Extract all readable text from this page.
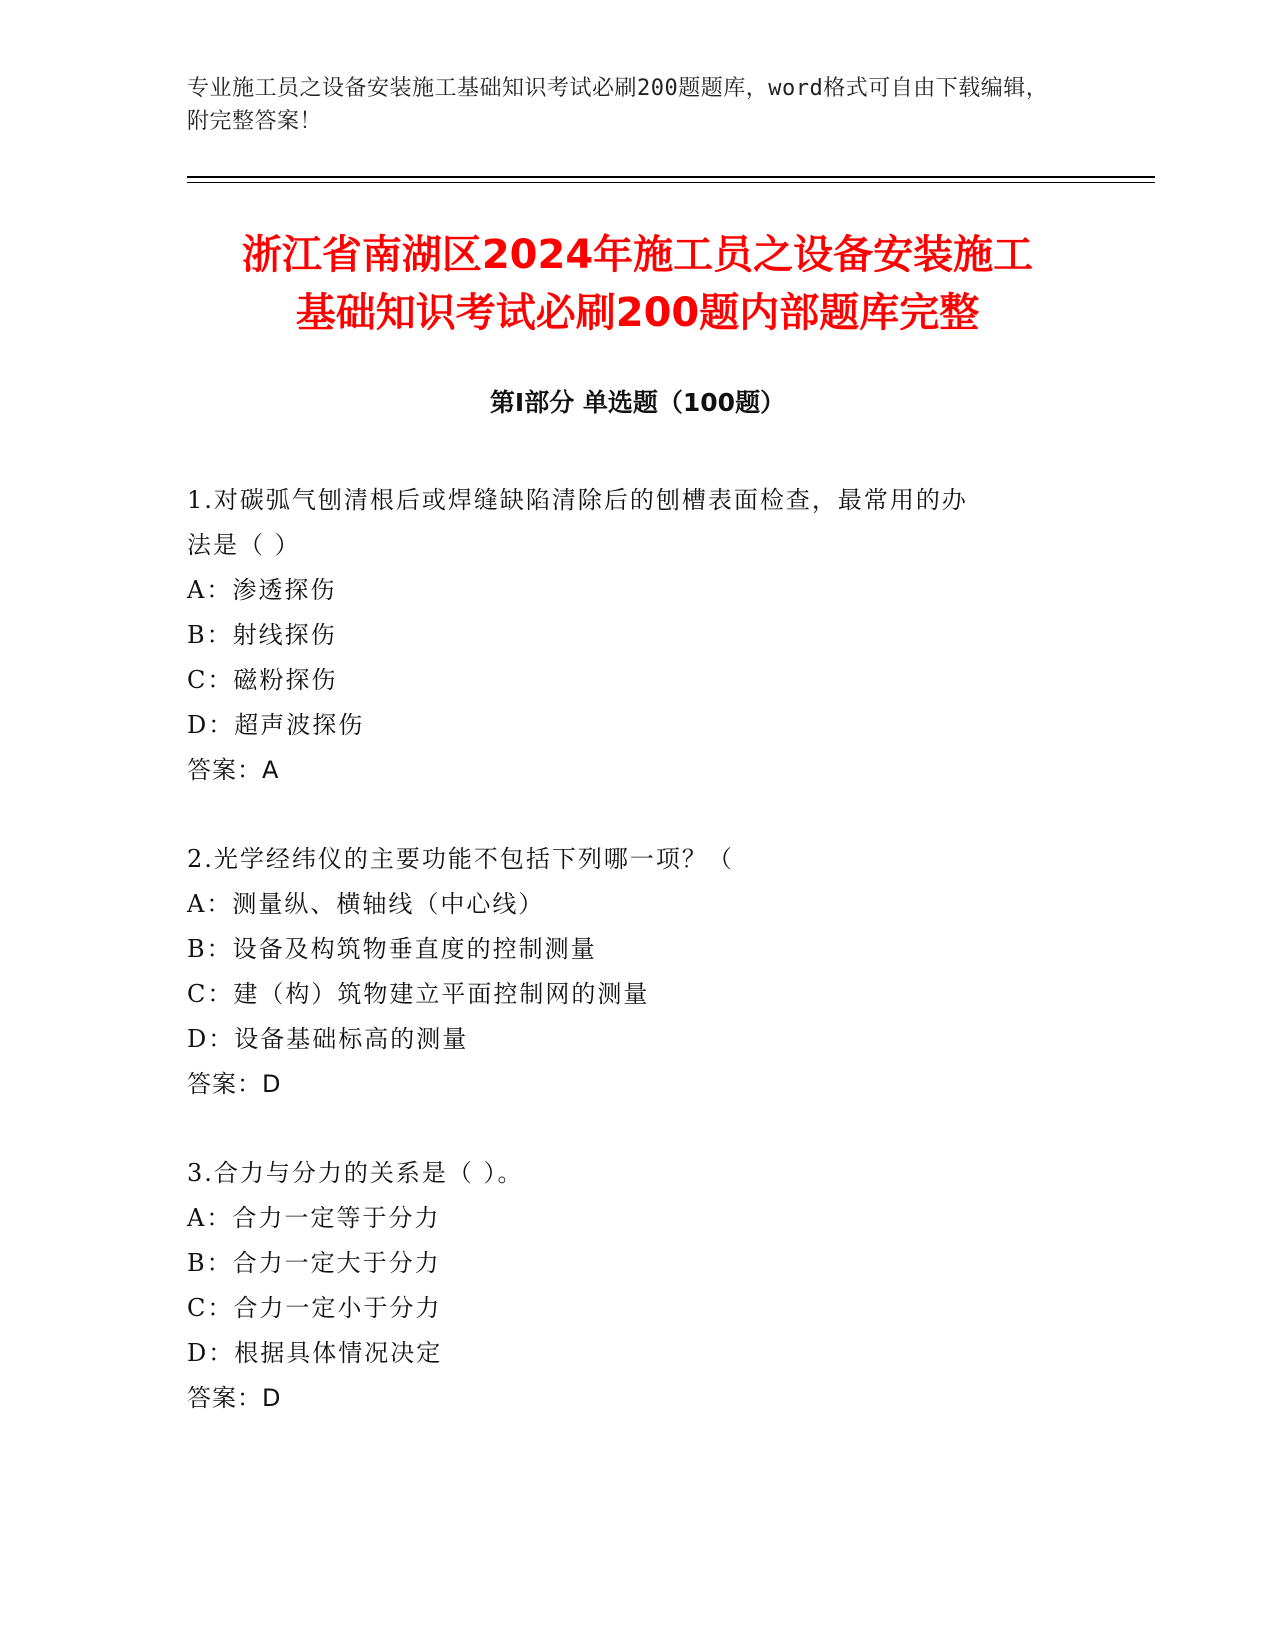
专业施工员之设备安装施工基础知识考试必刷200题题库，word格式可自由下载编辑，附完整答案！
浙江省南湖区2024年施工员之设备安装施工
基础知识考试必刷200题内部题库完整
第Ⅰ部分 单选题（100题）
1.对碳弧气刨清根后或焊缝缺陷清除后的刨槽表面检查，最常用的办
法是（ ）
A：渗透探伤
B：射线探伤
C：磁粉探伤
D：超声波探伤
答案：A
2.光学经纬仪的主要功能不包括下列哪一项？（
A：测量纵、横轴线（中心线）
B：设备及构筑物垂直度的控制测量
C：建（构）筑物建立平面控制网的测量
D：设备基础标高的测量
答案：D
3.合力与分力的关系是（ ）。
A：合力一定等于分力
B：合力一定大于分力
C：合力一定小于分力
D：根据具体情况决定
答案：D
